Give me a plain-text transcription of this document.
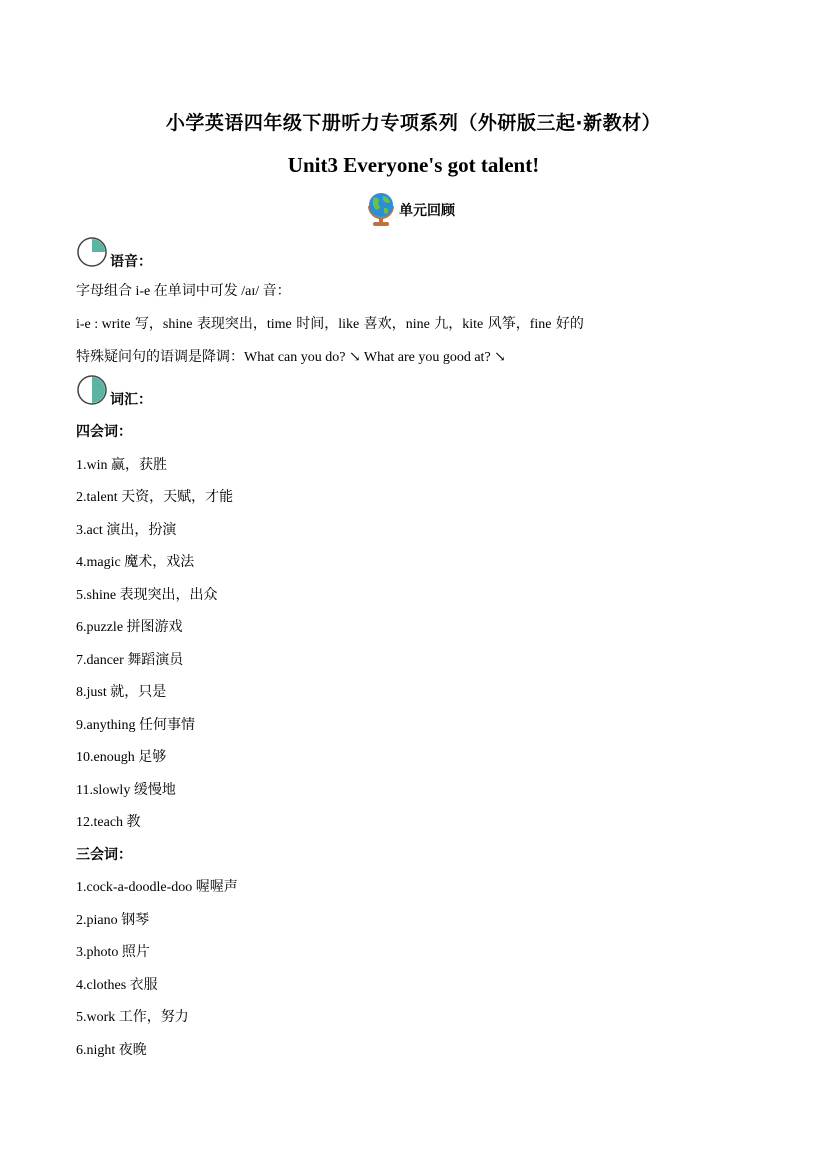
小学英语四年级下册听力专项系列（外研版三起·新教材）
Unit3 Everyone's got talent!
单元回顾
语音：
字母组合 i-e 在单词中可发 /aɪ/ 音：
i-e : write 写，shine 表现突出，time 时间，like 喜欢，nine 九，kite 风筝，fine 好的
特殊疑问句的语调是降调：What can you do? ↘ What are you good at? ↘
词汇：
四会词：
1.win 赢，获胜
2.talent 天资，天赋，才能
3.act 演出，扮演
4.magic 魔术，戏法
5.shine 表现突出，出众
6.puzzle 拼图游戏
7.dancer 舞蹈演员
8.just 就，只是
9.anything 任何事情
10.enough 足够
11.slowly 缓慢地
12.teach 教
三会词：
1.cock-a-doodle-doo 喔喔声
2.piano 钢琴
3.photo 照片
4.clothes 衣服
5.work 工作，努力
6.night 夜晚
